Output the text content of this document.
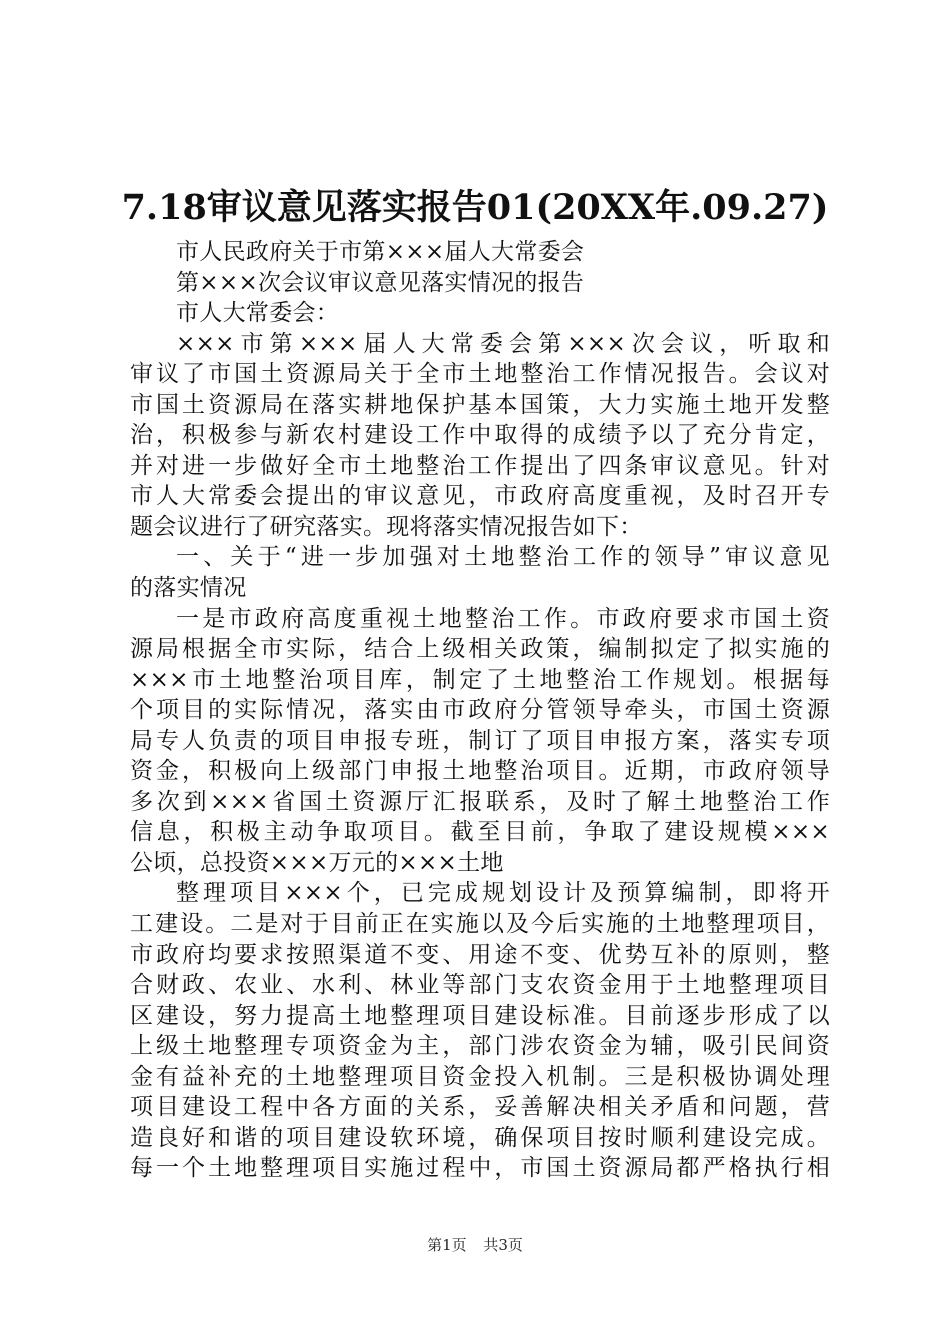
7.18审议意见落实报告01(20XX年.09.27)
市人民政府关于市第×××届人大常委会
第×××次会议审议意见落实情况的报告
市人大常委会：
×××市第×××届人大常委会第×××次会议，听取和
审议了市国土资源局关于全市土地整治工作情况报告。会议对
市国土资源局在落实耕地保护基本国策，大力实施土地开发整
治，积极参与新农村建设工作中取得的成绩予以了充分肯定，
并对进一步做好全市土地整治工作提出了四条审议意见。针对
市人大常委会提出的审议意见，市政府高度重视，及时召开专
题会议进行了研究落实。现将落实情况报告如下：
一、关于“进一步加强对土地整治工作的领导”审议意见
的落实情况
一是市政府高度重视土地整治工作。市政府要求市国土资
源局根据全市实际，结合上级相关政策，编制拟定了拟实施的
×××市土地整治项目库，制定了土地整治工作规划。根据每
个项目的实际情况，落实由市政府分管领导牵头，市国土资源
局专人负责的项目申报专班，制订了项目申报方案，落实专项
资金，积极向上级部门申报土地整治项目。近期，市政府领导
多次到×××省国土资源厅汇报联系，及时了解土地整治工作
信息，积极主动争取项目。截至目前，争取了建设规模×××
公顷，总投资×××万元的×××土地
整理项目×××个，已完成规划设计及预算编制，即将开
工建设。二是对于目前正在实施以及今后实施的土地整理项目，
市政府均要求按照渠道不变、用途不变、优势互补的原则，整
合财政、农业、水利、林业等部门支农资金用于土地整理项目
区建设，努力提高土地整理项目建设标准。目前逐步形成了以
上级土地整理专项资金为主，部门涉农资金为辅，吸引民间资
金有益补充的土地整理项目资金投入机制。三是积极协调处理
项目建设工程中各方面的关系，妥善解决相关矛盾和问题，营
造良好和谐的项目建设软环境，确保项目按时顺利建设完成。
每一个土地整理项目实施过程中，市国土资源局都严格执行相
第1页 共3页
